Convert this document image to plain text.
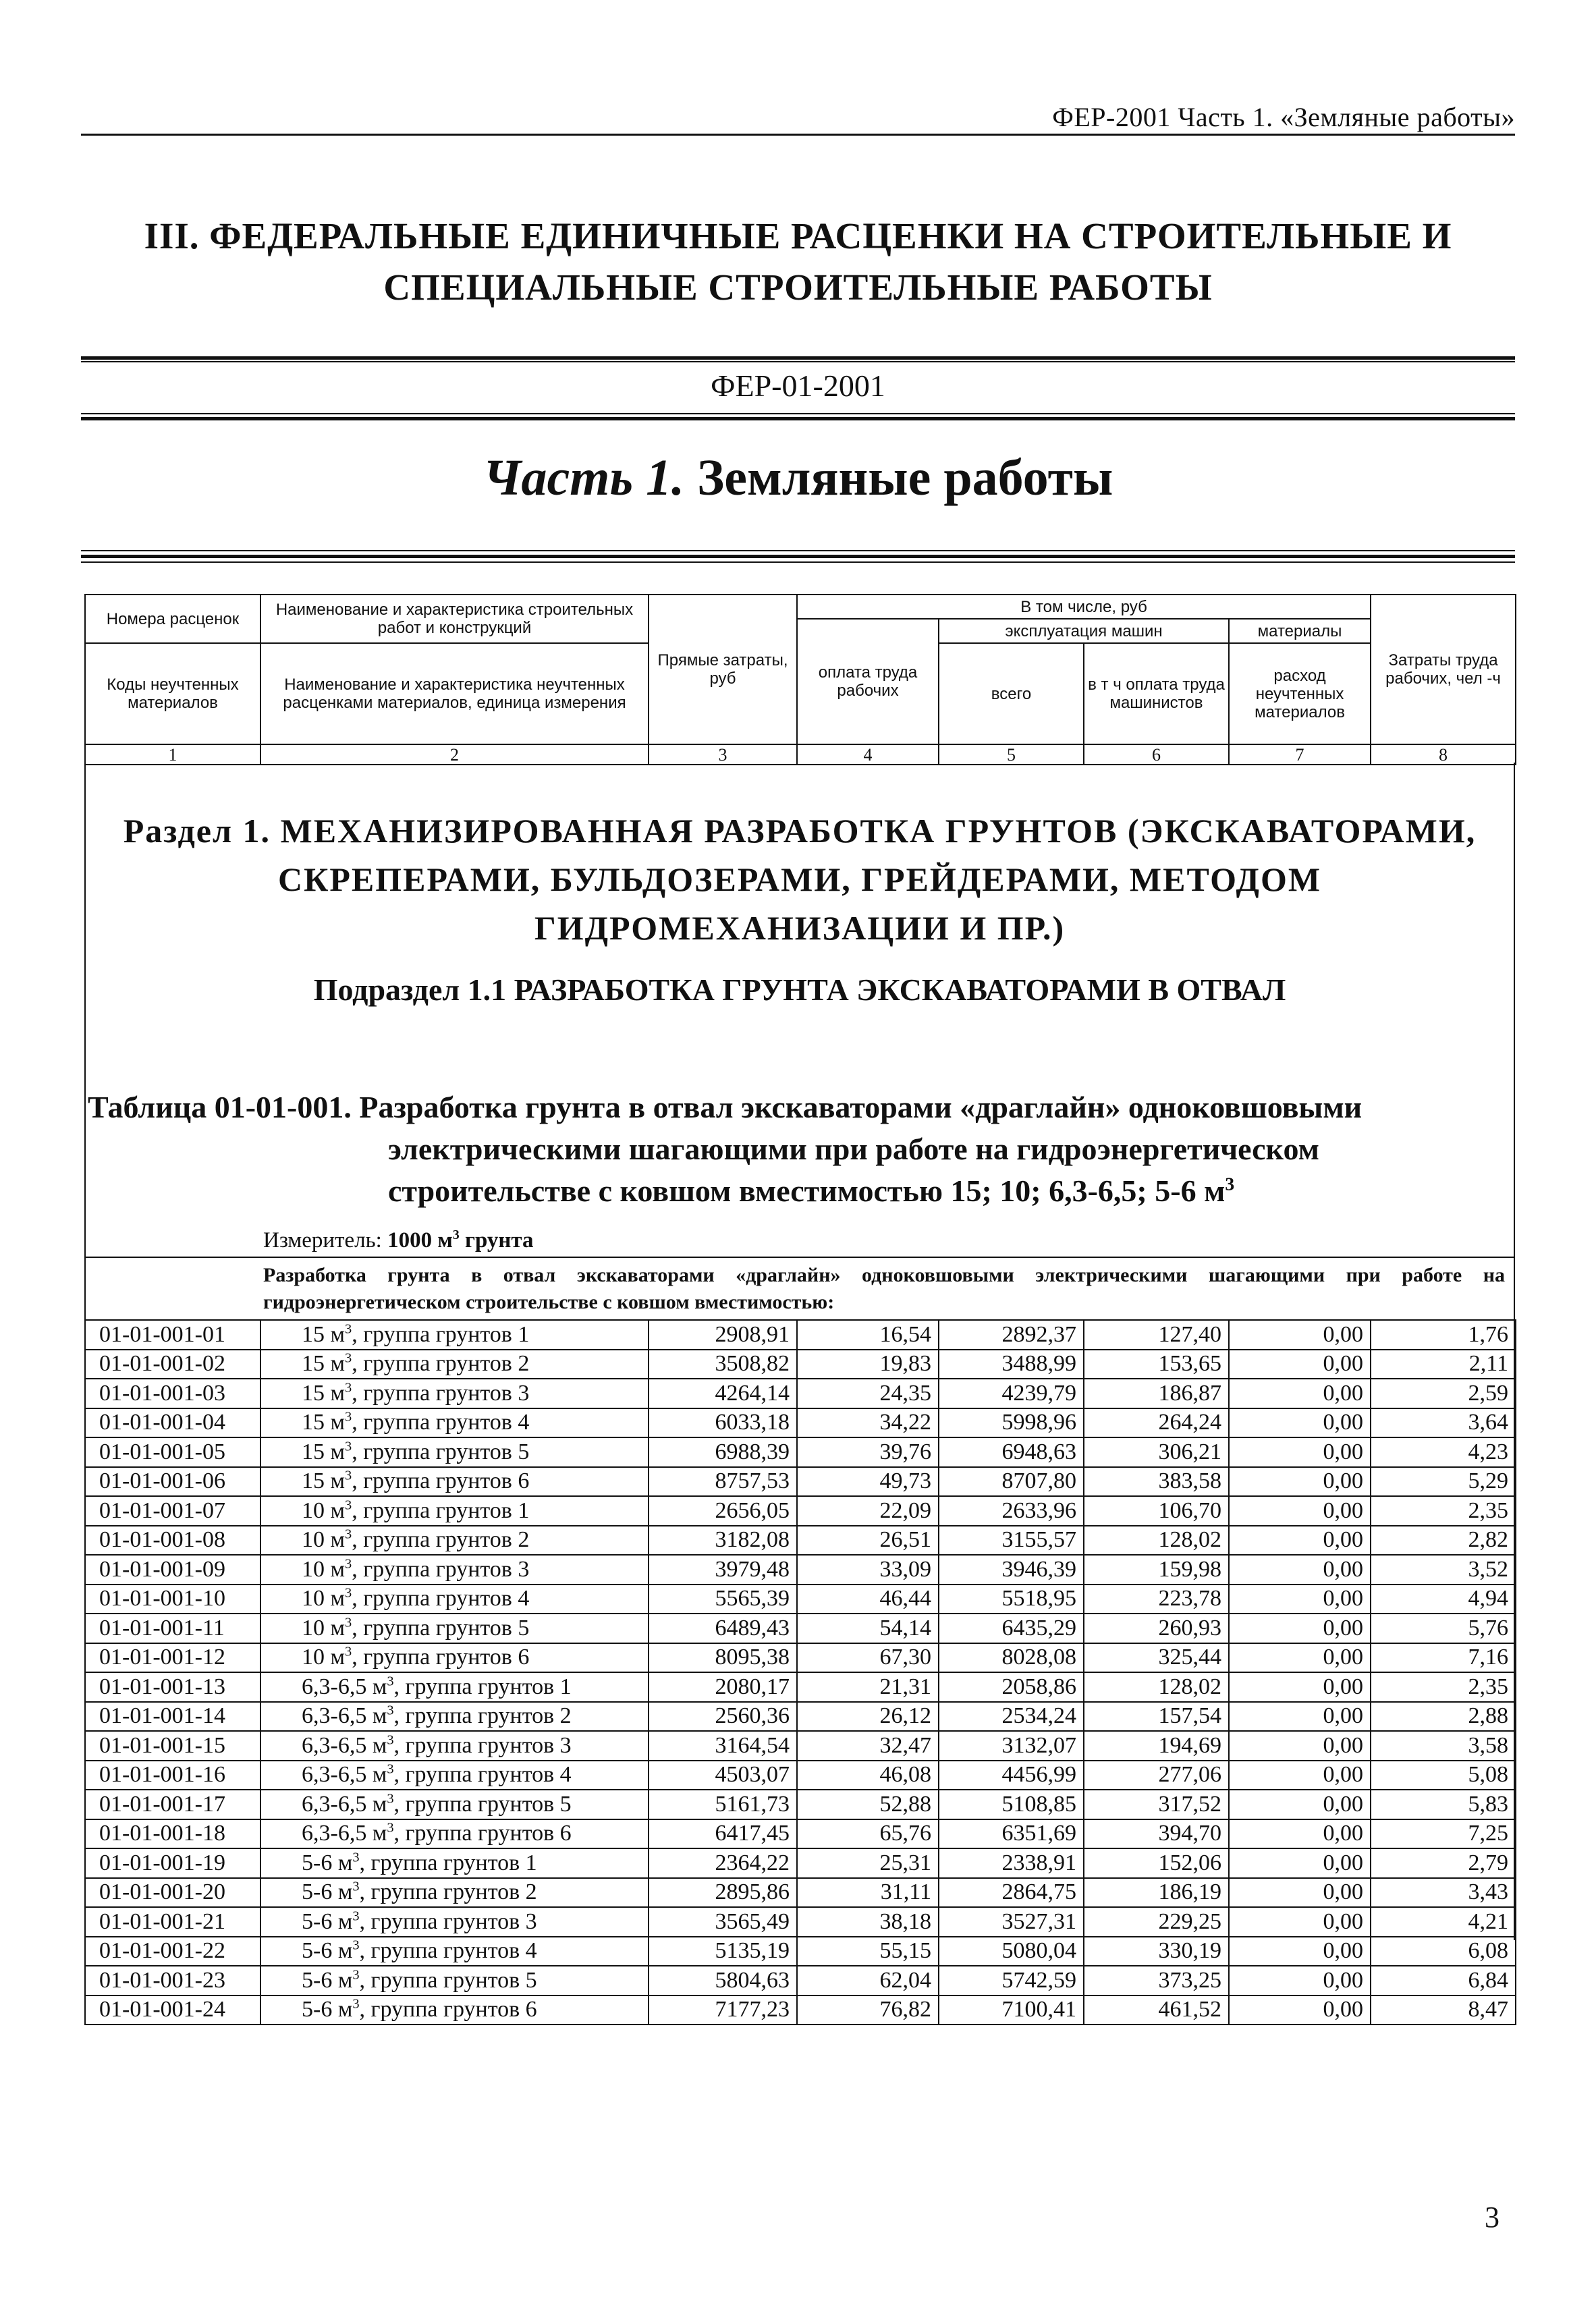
ФЕР-2001 Часть 1. «Земляные работы»
III. ФЕДЕРАЛЬНЫЕ ЕДИНИЧНЫЕ РАСЦЕНКИ НА СТРОИТЕЛЬНЫЕ И
СПЕЦИАЛЬНЫЕ СТРОИТЕЛЬНЫЕ РАБОТЫ
ФЕР-01-2001
Часть 1. Земляные работы
Номера расценок	Наименование и характеристика строительных работ и конструкций	Прямые затраты, руб	В том числе, руб				Затраты труда рабочих, чел -ч
			оплата труда рабочих	эксплуатация машин		материалы	
Коды неучтенных материалов	Наименование и характеристика неучтенных расценками материалов, единица измерения			всего	в т ч оплата труда машинистов	расход неучтенных материалов	

1	2	3	4	5	6	7	8
Раздел 1. МЕХАНИЗИРОВАННАЯ РАЗРАБОТКА ГРУНТОВ (ЭКСКАВАТОРАМИ,
СКРЕПЕРАМИ, БУЛЬДОЗЕРАМИ, ГРЕЙДЕРАМИ, МЕТОДОМ
ГИДРОМЕХАНИЗАЦИИ И ПР.)
Подраздел 1.1 РАЗРАБОТКА ГРУНТА ЭКСКАВАТОРАМИ В ОТВАЛ
Таблица 01-01-001. Разработка грунта в отвал экскаваторами «драглайн» одноковшовыми
электрическими шагающими при работе на гидроэнергетическом
строительстве с ковшом вместимостью 15; 10; 6,3-6,5; 5-6 $м^3$
Измеритель: 1000 $м^3$ грунта
Разработка грунта в отвал экскаваторами «драглайн» одноковшовыми электрическими шагающими при работе на гидроэнергетическом строительстве с ковшом вместимостью:
01-01-001-01	15 $м^3$, группа грунтов 1	2908,91	16,54	2892,37	127,40	0,00	1,76
01-01-001-02	15 $м^3$, группа грунтов 2	3508,82	19,83	3488,99	153,65	0,00	2,11
01-01-001-03	15 $м^3$, группа грунтов 3	4264,14	24,35	4239,79	186,87	0,00	2,59
01-01-001-04	15 $м^3$, группа грунтов 4	6033,18	34,22	5998,96	264,24	0,00	3,64
01-01-001-05	15 $м^3$, группа грунтов 5	6988,39	39,76	6948,63	306,21	0,00	4,23
01-01-001-06	15 $м^3$, группа грунтов 6	8757,53	49,73	8707,80	383,58	0,00	5,29
01-01-001-07	10 $м^3$, группа грунтов 1	2656,05	22,09	2633,96	106,70	0,00	2,35
01-01-001-08	10 $м^3$, группа грунтов 2	3182,08	26,51	3155,57	128,02	0,00	2,82
01-01-001-09	10 $м^3$, группа грунтов 3	3979,48	33,09	3946,39	159,98	0,00	3,52
01-01-001-10	10 $м^3$, группа грунтов 4	5565,39	46,44	5518,95	223,78	0,00	4,94
01-01-001-11	10 $м^3$, группа грунтов 5	6489,43	54,14	6435,29	260,93	0,00	5,76
01-01-001-12	10 $м^3$, группа грунтов 6	8095,38	67,30	8028,08	325,44	0,00	7,16
01-01-001-13	6,3-6,5 $м^3$, группа грунтов 1	2080,17	21,31	2058,86	128,02	0,00	2,35
01-01-001-14	6,3-6,5 $м^3$, группа грунтов 2	2560,36	26,12	2534,24	157,54	0,00	2,88
01-01-001-15	6,3-6,5 $м^3$, группа грунтов 3	3164,54	32,47	3132,07	194,69	0,00	3,58
01-01-001-16	6,3-6,5 $м^3$, группа грунтов 4	4503,07	46,08	4456,99	277,06	0,00	5,08
01-01-001-17	6,3-6,5 $м^3$, группа грунтов 5	5161,73	52,88	5108,85	317,52	0,00	5,83
01-01-001-18	6,3-6,5 $м^3$, группа грунтов 6	6417,45	65,76	6351,69	394,70	0,00	7,25
01-01-001-19	5-6 $м^3$, группа грунтов 1	2364,22	25,31	2338,91	152,06	0,00	2,79
01-01-001-20	5-6 $м^3$, группа грунтов 2	2895,86	31,11	2864,75	186,19	0,00	3,43
01-01-001-21	5-6 $м^3$, группа грунтов 3	3565,49	38,18	3527,31	229,25	0,00	4,21
01-01-001-22	5-6 $м^3$, группа грунтов 4	5135,19	55,15	5080,04	330,19	0,00	6,08
01-01-001-23	5-6 $м^3$, группа грунтов 5	5804,63	62,04	5742,59	373,25	0,00	6,84
01-01-001-24	5-6 $м^3$, группа грунтов 6	7177,23	76,82	7100,41	461,52	0,00	8,47
3
